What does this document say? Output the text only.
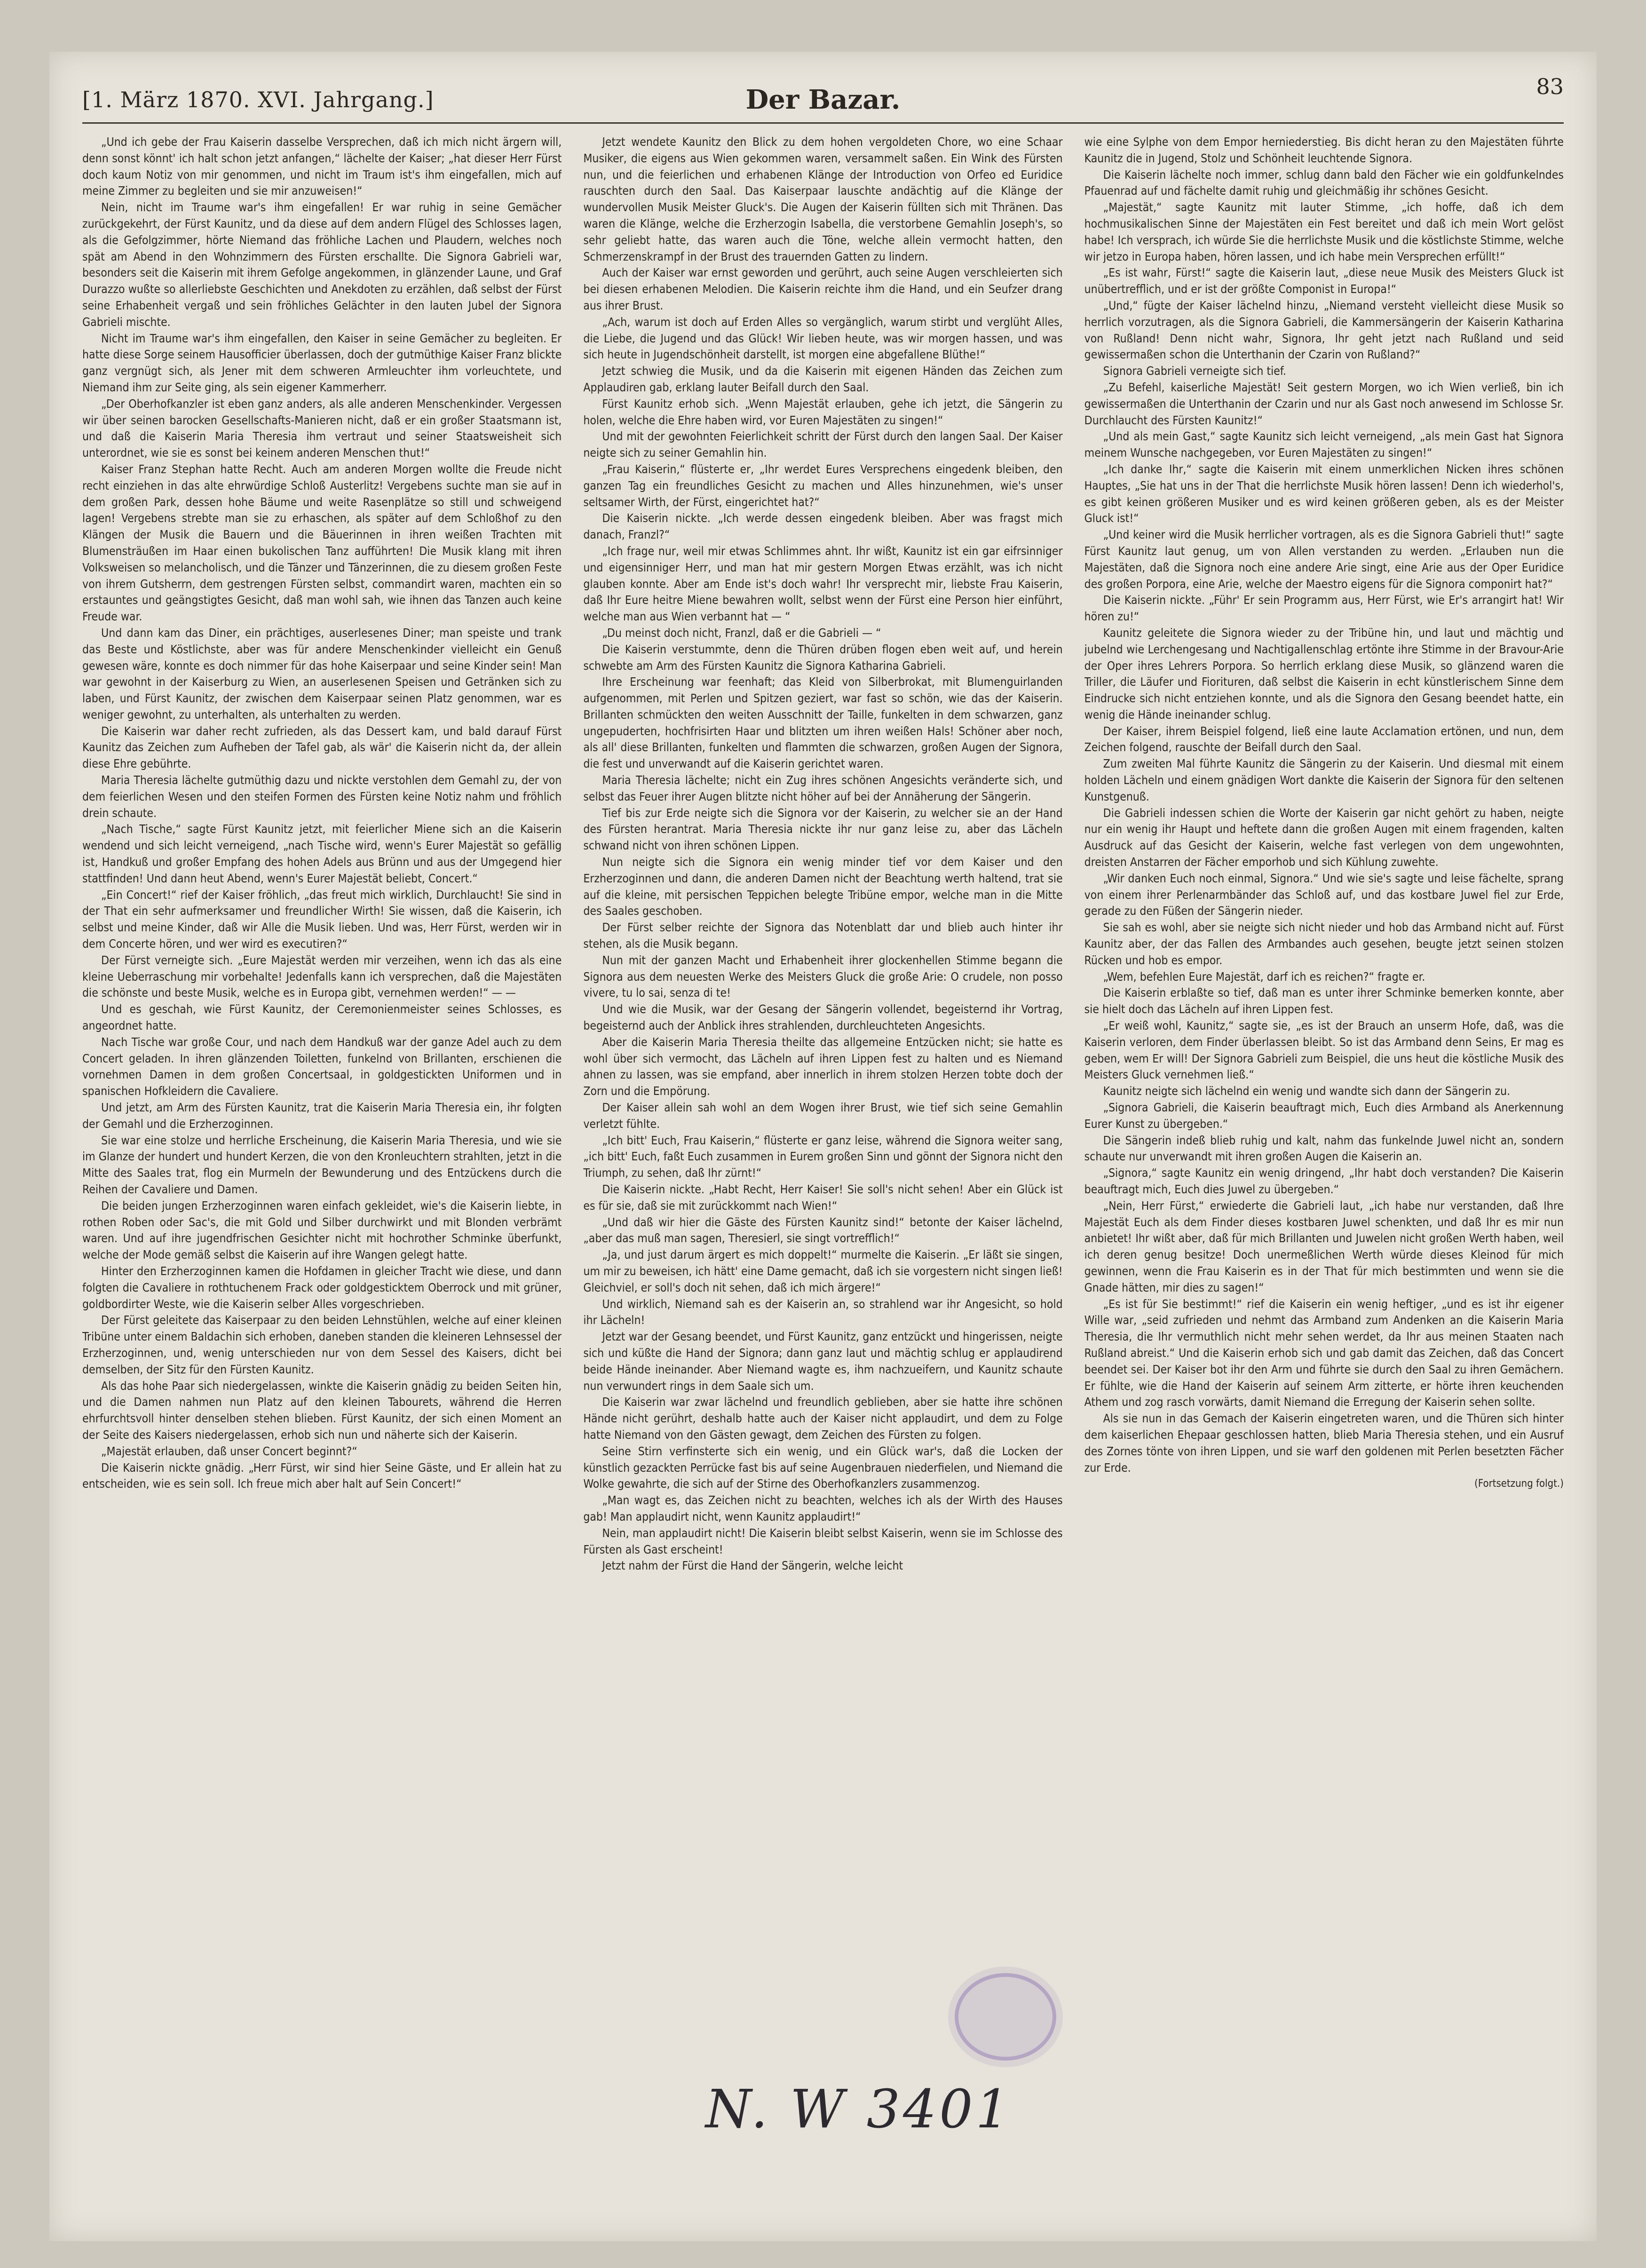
[1. März 1870. XVI. Jahrgang.]	Der Bazar.	83

„Und ich gebe der Frau Kaiserin dasselbe Versprechen, daß ich mich nicht ärgern will, denn sonst könnt' ich halt schon jetzt anfangen,“ lächelte der Kaiser; „hat dieser Herr Fürst doch kaum Notiz von mir genommen, und nicht im Traum ist's ihm eingefallen, mich auf meine Zimmer zu begleiten und sie mir anzuweisen!“

Nein, nicht im Traume war's ihm eingefallen! Er war ruhig in seine Gemächer zurückgekehrt, der Fürst Kaunitz, und da diese auf dem andern Flügel des Schlosses lagen, als die Gefolgzimmer, hörte Niemand das fröhliche Lachen und Plaudern, welches noch spät am Abend in den Wohnzimmern des Fürsten erschallte. Die Signora Gabrieli war, besonders seit die Kaiserin mit ihrem Gefolge angekommen, in glänzender Laune, und Graf Durazzo wußte so allerliebste Geschichten und Anekdoten zu erzählen, daß selbst der Fürst seine Erhabenheit vergaß und sein fröhliches Gelächter in den lauten Jubel der Signora Gabrieli mischte.

Nicht im Traume war's ihm eingefallen, den Kaiser in seine Gemächer zu begleiten. Er hatte diese Sorge seinem Hausofficier überlassen, doch der gutmüthige Kaiser Franz blickte ganz vergnügt sich, als Jener mit dem schweren Armleuchter ihm vorleuchtete, und Niemand ihm zur Seite ging, als sein eigener Kammerherr.

„Der Oberhofkanzler ist eben ganz anders, als alle anderen Menschenkinder. Vergessen wir über seinen barocken Gesellschafts-Manieren nicht, daß er ein großer Staatsmann ist, und daß die Kaiserin Maria Theresia ihm vertraut und seiner Staatsweisheit sich unterordnet, wie sie es sonst bei keinem anderen Menschen thut!“

Kaiser Franz Stephan hatte Recht. Auch am anderen Morgen wollte die Freude nicht recht einziehen in das alte ehrwürdige Schloß Austerlitz! Vergebens suchte man sie auf in dem großen Park, dessen hohe Bäume und weite Rasenplätze so still und schweigend lagen! Vergebens strebte man sie zu erhaschen, als später auf dem Schloßhof zu den Klängen der Musik die Bauern und die Bäuerinnen in ihren weißen Trachten mit Blumensträußen im Haar einen bukolischen Tanz aufführten! Die Musik klang mit ihren Volksweisen so melancholisch, und die Tänzer und Tänzerinnen, die zu diesem großen Feste von ihrem Gutsherrn, dem gestrengen Fürsten selbst, commandirt waren, machten ein so erstauntes und geängstigtes Gesicht, daß man wohl sah, wie ihnen das Tanzen auch keine Freude war.

Und dann kam das Diner, ein prächtiges, auserlesenes Diner; man speiste und trank das Beste und Köstlichste, aber was für andere Menschenkinder vielleicht ein Genuß gewesen wäre, konnte es doch nimmer für das hohe Kaiserpaar und seine Kinder sein! Man war gewohnt in der Kaiserburg zu Wien, an auserlesenen Speisen und Getränken sich zu laben, und Fürst Kaunitz, der zwischen dem Kaiserpaar seinen Platz genommen, war es weniger gewohnt, zu unterhalten, als unterhalten zu werden.

Die Kaiserin war daher recht zufrieden, als das Dessert kam, und bald darauf Fürst Kaunitz das Zeichen zum Aufheben der Tafel gab, als wär' die Kaiserin nicht da, der allein diese Ehre gebührte.

Maria Theresia lächelte gutmüthig dazu und nickte verstohlen dem Gemahl zu, der von dem feierlichen Wesen und den steifen Formen des Fürsten keine Notiz nahm und fröhlich drein schaute.

„Nach Tische,“ sagte Fürst Kaunitz jetzt, mit feierlicher Miene sich an die Kaiserin wendend und sich leicht verneigend, „nach Tische wird, wenn's Eurer Majestät so gefällig ist, Handkuß und großer Empfang des hohen Adels aus Brünn und aus der Umgegend hier stattfinden! Und dann heut Abend, wenn's Eurer Majestät beliebt, Concert.“

„Ein Concert!“ rief der Kaiser fröhlich, „das freut mich wirklich, Durchlaucht! Sie sind in der That ein sehr aufmerksamer und freundlicher Wirth! Sie wissen, daß die Kaiserin, ich selbst und meine Kinder, daß wir Alle die Musik lieben. Und was, Herr Fürst, werden wir in dem Concerte hören, und wer wird es executiren?“

Der Fürst verneigte sich. „Eure Majestät werden mir verzeihen, wenn ich das als eine kleine Ueberraschung mir vorbehalte! Jedenfalls kann ich versprechen, daß die Majestäten die schönste und beste Musik, welche es in Europa gibt, vernehmen werden!“ — —

Und es geschah, wie Fürst Kaunitz, der Ceremonienmeister seines Schlosses, es angeordnet hatte.

Nach Tische war große Cour, und nach dem Handkuß war der ganze Adel auch zu dem Concert geladen. In ihren glänzenden Toiletten, funkelnd von Brillanten, erschienen die vornehmen Damen in dem großen Concertsaal, in goldgestickten Uniformen und in spanischen Hofkleidern die Cavaliere.

Und jetzt, am Arm des Fürsten Kaunitz, trat die Kaiserin Maria Theresia ein, ihr folgten der Gemahl und die Erzherzoginnen.

Sie war eine stolze und herrliche Erscheinung, die Kaiserin Maria Theresia, und wie sie im Glanze der hundert und hundert Kerzen, die von den Kronleuchtern strahlten, jetzt in die Mitte des Saales trat, flog ein Murmeln der Bewunderung und des Entzückens durch die Reihen der Cavaliere und Damen.

Die beiden jungen Erzherzoginnen waren einfach gekleidet, wie's die Kaiserin liebte, in rothen Roben oder Sac's, die mit Gold und Silber durchwirkt und mit Blonden verbrämt waren. Und auf ihre jugendfrischen Gesichter nicht mit hochrother Schminke überfunkt, welche der Mode gemäß selbst die Kaiserin auf ihre Wangen gelegt hatte.

Hinter den Erzherzoginnen kamen die Hofdamen in gleicher Tracht wie diese, und dann folgten die Cavaliere in rothtuchenem Frack oder goldgesticktem Oberrock und mit grüner, goldbordirter Weste, wie die Kaiserin selber Alles vorgeschrieben.

Der Fürst geleitete das Kaiserpaar zu den beiden Lehnstühlen, welche auf einer kleinen Tribüne unter einem Baldachin sich erhoben, daneben standen die kleineren Lehnsessel der Erzherzoginnen, und, wenig unterschieden nur von dem Sessel des Kaisers, dicht bei demselben, der Sitz für den Fürsten Kaunitz.

Als das hohe Paar sich niedergelassen, winkte die Kaiserin gnädig zu beiden Seiten hin, und die Damen nahmen nun Platz auf den kleinen Tabourets, während die Herren ehrfurchtsvoll hinter denselben stehen blieben. Fürst Kaunitz, der sich einen Moment an der Seite des Kaisers niedergelassen, erhob sich nun und näherte sich der Kaiserin.

„Majestät erlauben, daß unser Concert beginnt?“

Die Kaiserin nickte gnädig. „Herr Fürst, wir sind hier Seine Gäste, und Er allein hat zu entscheiden, wie es sein soll. Ich freue mich aber halt auf Sein Concert!“

Jetzt wendete Kaunitz den Blick zu dem hohen vergoldeten Chore, wo eine Schaar Musiker, die eigens aus Wien gekommen waren, versammelt saßen. Ein Wink des Fürsten nun, und die feierlichen und erhabenen Klänge der Introduction von Orfeo ed Euridice rauschten durch den Saal. Das Kaiserpaar lauschte andächtig auf die Klänge der wundervollen Musik Meister Gluck's. Die Augen der Kaiserin füllten sich mit Thränen. Das waren die Klänge, welche die Erzherzogin Isabella, die verstorbene Gemahlin Joseph's, so sehr geliebt hatte, das waren auch die Töne, welche allein vermocht hatten, den Schmerzenskrampf in der Brust des trauernden Gatten zu lindern.

Auch der Kaiser war ernst geworden und gerührt, auch seine Augen verschleierten sich bei diesen erhabenen Melodien. Die Kaiserin reichte ihm die Hand, und ein Seufzer drang aus ihrer Brust.

„Ach, warum ist doch auf Erden Alles so vergänglich, warum stirbt und verglüht Alles, die Liebe, die Jugend und das Glück! Wir lieben heute, was wir morgen hassen, und was sich heute in Jugendschönheit darstellt, ist morgen eine abgefallene Blüthe!“

Jetzt schwieg die Musik, und da die Kaiserin mit eigenen Händen das Zeichen zum Applaudiren gab, erklang lauter Beifall durch den Saal.

Fürst Kaunitz erhob sich. „Wenn Majestät erlauben, gehe ich jetzt, die Sängerin zu holen, welche die Ehre haben wird, vor Euren Majestäten zu singen!“

Und mit der gewohnten Feierlichkeit schritt der Fürst durch den langen Saal. Der Kaiser neigte sich zu seiner Gemahlin hin.

„Frau Kaiserin,“ flüsterte er, „Ihr werdet Eures Versprechens eingedenk bleiben, den ganzen Tag ein freundliches Gesicht zu machen und Alles hinzunehmen, wie's unser seltsamer Wirth, der Fürst, eingerichtet hat?“

Die Kaiserin nickte. „Ich werde dessen eingedenk bleiben. Aber was fragst mich danach, Franzl?“

„Ich frage nur, weil mir etwas Schlimmes ahnt. Ihr wißt, Kaunitz ist ein gar eifrsinniger und eigensinniger Herr, und man hat mir gestern Morgen Etwas erzählt, was ich nicht glauben konnte. Aber am Ende ist's doch wahr! Ihr versprecht mir, liebste Frau Kaiserin, daß Ihr Eure heitre Miene bewahren wollt, selbst wenn der Fürst eine Person hier einführt, welche man aus Wien verbannt hat — “

„Du meinst doch nicht, Franzl, daß er die Gabrieli — “

Die Kaiserin verstummte, denn die Thüren drüben flogen eben weit auf, und herein schwebte am Arm des Fürsten Kaunitz die Signora Katharina Gabrieli.

Ihre Erscheinung war feenhaft; das Kleid von Silberbrokat, mit Blumenguirlanden aufgenommen, mit Perlen und Spitzen geziert, war fast so schön, wie das der Kaiserin. Brillanten schmückten den weiten Ausschnitt der Taille, funkelten in dem schwarzen, ganz ungepuderten, hochfrisirten Haar und blitzten um ihren weißen Hals! Schöner aber noch, als all' diese Brillanten, funkelten und flammten die schwarzen, großen Augen der Signora, die fest und unverwandt auf die Kaiserin gerichtet waren.

Maria Theresia lächelte; nicht ein Zug ihres schönen Angesichts veränderte sich, und selbst das Feuer ihrer Augen blitzte nicht höher auf bei der Annäherung der Sängerin.

Tief bis zur Erde neigte sich die Signora vor der Kaiserin, zu welcher sie an der Hand des Fürsten herantrat. Maria Theresia nickte ihr nur ganz leise zu, aber das Lächeln schwand nicht von ihren schönen Lippen.

Nun neigte sich die Signora ein wenig minder tief vor dem Kaiser und den Erzherzoginnen und dann, die anderen Damen nicht der Beachtung werth haltend, trat sie auf die kleine, mit persischen Teppichen belegte Tribüne empor, welche man in die Mitte des Saales geschoben.

Der Fürst selber reichte der Signora das Notenblatt dar und blieb auch hinter ihr stehen, als die Musik begann.

Nun mit der ganzen Macht und Erhabenheit ihrer glockenhellen Stimme begann die Signora aus dem neuesten Werke des Meisters Gluck die große Arie: O crudele, non posso vivere, tu lo sai, senza di te!

Und wie die Musik, war der Gesang der Sängerin vollendet, begeisternd ihr Vortrag, begeisternd auch der Anblick ihres strahlenden, durchleuchteten Angesichts.

Aber die Kaiserin Maria Theresia theilte das allgemeine Entzücken nicht; sie hatte es wohl über sich vermocht, das Lächeln auf ihren Lippen fest zu halten und es Niemand ahnen zu lassen, was sie empfand, aber innerlich in ihrem stolzen Herzen tobte doch der Zorn und die Empörung.

Der Kaiser allein sah wohl an dem Wogen ihrer Brust, wie tief sich seine Gemahlin verletzt fühlte.

„Ich bitt' Euch, Frau Kaiserin,“ flüsterte er ganz leise, während die Signora weiter sang, „ich bitt' Euch, faßt Euch zusammen in Eurem großen Sinn und gönnt der Signora nicht den Triumph, zu sehen, daß Ihr zürnt!“

Die Kaiserin nickte. „Habt Recht, Herr Kaiser! Sie soll's nicht sehen! Aber ein Glück ist es für sie, daß sie mit zurückkommt nach Wien!“

„Und daß wir hier die Gäste des Fürsten Kaunitz sind!“ betonte der Kaiser lächelnd, „aber das muß man sagen, Theresierl, sie singt vortrefflich!“

„Ja, und just darum ärgert es mich doppelt!“ murmelte die Kaiserin. „Er läßt sie singen, um mir zu beweisen, ich hätt' eine Dame gemacht, daß ich sie vorgestern nicht singen ließ! Gleichviel, er soll's doch nit sehen, daß ich mich ärgere!“

Und wirklich, Niemand sah es der Kaiserin an, so strahlend war ihr Angesicht, so hold ihr Lächeln!

Jetzt war der Gesang beendet, und Fürst Kaunitz, ganz entzückt und hingerissen, neigte sich und küßte die Hand der Signora; dann ganz laut und mächtig schlug er applaudirend beide Hände ineinander. Aber Niemand wagte es, ihm nachzueifern, und Kaunitz schaute nun verwundert rings in dem Saale sich um.

Die Kaiserin war zwar lächelnd und freundlich geblieben, aber sie hatte ihre schönen Hände nicht gerührt, deshalb hatte auch der Kaiser nicht applaudirt, und dem zu Folge hatte Niemand von den Gästen gewagt, dem Zeichen des Fürsten zu folgen.

Seine Stirn verfinsterte sich ein wenig, und ein Glück war's, daß die Locken der künstlich gezackten Perrücke fast bis auf seine Augenbrauen niederfielen, und Niemand die Wolke gewahrte, die sich auf der Stirne des Oberhofkanzlers zusammenzog.

„Man wagt es, das Zeichen nicht zu beachten, welches ich als der Wirth des Hauses gab! Man applaudirt nicht, wenn Kaunitz applaudirt!“

Nein, man applaudirt nicht! Die Kaiserin bleibt selbst Kaiserin, wenn sie im Schlosse des Fürsten als Gast erscheint!

Jetzt nahm der Fürst die Hand der Sängerin, welche leicht

wie eine Sylphe von dem Empor herniederstieg. Bis dicht heran zu den Majestäten führte Kaunitz die in Jugend, Stolz und Schönheit leuchtende Signora.

Die Kaiserin lächelte noch immer, schlug dann bald den Fächer wie ein goldfunkelndes Pfauenrad auf und fächelte damit ruhig und gleichmäßig ihr schönes Gesicht.

„Majestät,“ sagte Kaunitz mit lauter Stimme, „ich hoffe, daß ich dem hochmusikalischen Sinne der Majestäten ein Fest bereitet und daß ich mein Wort gelöst habe! Ich versprach, ich würde Sie die herrlichste Musik und die köstlichste Stimme, welche wir jetzo in Europa haben, hören lassen, und ich habe mein Versprechen erfüllt!“

„Es ist wahr, Fürst!“ sagte die Kaiserin laut, „diese neue Musik des Meisters Gluck ist unübertrefflich, und er ist der größte Componist in Europa!“

„Und,“ fügte der Kaiser lächelnd hinzu, „Niemand versteht vielleicht diese Musik so herrlich vorzutragen, als die Signora Gabrieli, die Kammersängerin der Kaiserin Katharina von Rußland! Denn nicht wahr, Signora, Ihr geht jetzt nach Rußland und seid gewissermaßen schon die Unterthanin der Czarin von Rußland?“

Signora Gabrieli verneigte sich tief.

„Zu Befehl, kaiserliche Majestät! Seit gestern Morgen, wo ich Wien verließ, bin ich gewissermaßen die Unterthanin der Czarin und nur als Gast noch anwesend im Schlosse Sr. Durchlaucht des Fürsten Kaunitz!“

„Und als mein Gast,“ sagte Kaunitz sich leicht verneigend, „als mein Gast hat Signora meinem Wunsche nachgegeben, vor Euren Majestäten zu singen!“

„Ich danke Ihr,“ sagte die Kaiserin mit einem unmerklichen Nicken ihres schönen Hauptes, „Sie hat uns in der That die herrlichste Musik hören lassen! Denn ich wiederhol's, es gibt keinen größeren Musiker und es wird keinen größeren geben, als es der Meister Gluck ist!“

„Und keiner wird die Musik herrlicher vortragen, als es die Signora Gabrieli thut!“ sagte Fürst Kaunitz laut genug, um von Allen verstanden zu werden. „Erlauben nun die Majestäten, daß die Signora noch eine andere Arie singt, eine Arie aus der Oper Euridice des großen Porpora, eine Arie, welche der Maestro eigens für die Signora componirt hat?“

Die Kaiserin nickte. „Führ' Er sein Programm aus, Herr Fürst, wie Er's arrangirt hat! Wir hören zu!“

Kaunitz geleitete die Signora wieder zu der Tribüne hin, und laut und mächtig und jubelnd wie Lerchengesang und Nachtigallenschlag ertönte ihre Stimme in der Bravour-Arie der Oper ihres Lehrers Porpora. So herrlich erklang diese Musik, so glänzend waren die Triller, die Läufer und Fiorituren, daß selbst die Kaiserin in echt künstlerischem Sinne dem Eindrucke sich nicht entziehen konnte, und als die Signora den Gesang beendet hatte, ein wenig die Hände ineinander schlug.

Der Kaiser, ihrem Beispiel folgend, ließ eine laute Acclamation ertönen, und nun, dem Zeichen folgend, rauschte der Beifall durch den Saal.

Zum zweiten Mal führte Kaunitz die Sängerin zu der Kaiserin. Und diesmal mit einem holden Lächeln und einem gnädigen Wort dankte die Kaiserin der Signora für den seltenen Kunstgenuß.

Die Gabrieli indessen schien die Worte der Kaiserin gar nicht gehört zu haben, neigte nur ein wenig ihr Haupt und heftete dann die großen Augen mit einem fragenden, kalten Ausdruck auf das Gesicht der Kaiserin, welche fast verlegen von dem ungewohnten, dreisten Anstarren der Fächer emporhob und sich Kühlung zuwehte.

„Wir danken Euch noch einmal, Signora.“ Und wie sie's sagte und leise fächelte, sprang von einem ihrer Perlenarmbänder das Schloß auf, und das kostbare Juwel fiel zur Erde, gerade zu den Füßen der Sängerin nieder.

Sie sah es wohl, aber sie neigte sich nicht nieder und hob das Armband nicht auf. Fürst Kaunitz aber, der das Fallen des Armbandes auch gesehen, beugte jetzt seinen stolzen Rücken und hob es empor.

„Wem, befehlen Eure Majestät, darf ich es reichen?“ fragte er.

Die Kaiserin erblaßte so tief, daß man es unter ihrer Schminke bemerken konnte, aber sie hielt doch das Lächeln auf ihren Lippen fest.

„Er weiß wohl, Kaunitz,“ sagte sie, „es ist der Brauch an unserm Hofe, daß, was die Kaiserin verloren, dem Finder überlassen bleibt. So ist das Armband denn Seins, Er mag es geben, wem Er will! Der Signora Gabrieli zum Beispiel, die uns heut die köstliche Musik des Meisters Gluck vernehmen ließ.“

Kaunitz neigte sich lächelnd ein wenig und wandte sich dann der Sängerin zu.

„Signora Gabrieli, die Kaiserin beauftragt mich, Euch dies Armband als Anerkennung Eurer Kunst zu übergeben.“

Die Sängerin indeß blieb ruhig und kalt, nahm das funkelnde Juwel nicht an, sondern schaute nur unverwandt mit ihren großen Augen die Kaiserin an.

„Signora,“ sagte Kaunitz ein wenig dringend, „Ihr habt doch verstanden? Die Kaiserin beauftragt mich, Euch dies Juwel zu übergeben.“

„Nein, Herr Fürst,“ erwiederte die Gabrieli laut, „ich habe nur verstanden, daß Ihre Majestät Euch als dem Finder dieses kostbaren Juwel schenkten, und daß Ihr es mir nun anbietet! Ihr wißt aber, daß für mich Brillanten und Juwelen nicht großen Werth haben, weil ich deren genug besitze! Doch unermeßlichen Werth würde dieses Kleinod für mich gewinnen, wenn die Frau Kaiserin es in der That für mich bestimmten und wenn sie die Gnade hätten, mir dies zu sagen!“

„Es ist für Sie bestimmt!“ rief die Kaiserin ein wenig heftiger, „und es ist ihr eigener Wille war, „seid zufrieden und nehmt das Armband zum Andenken an die Kaiserin Maria Theresia, die Ihr vermuthlich nicht mehr sehen werdet, da Ihr aus meinen Staaten nach Rußland abreist.“ Und die Kaiserin erhob sich und gab damit das Zeichen, daß das Concert beendet sei. Der Kaiser bot ihr den Arm und führte sie durch den Saal zu ihren Gemächern. Er fühlte, wie die Hand der Kaiserin auf seinem Arm zitterte, er hörte ihren keuchenden Athem und zog rasch vorwärts, damit Niemand die Erregung der Kaiserin sehen sollte.

Als sie nun in das Gemach der Kaiserin eingetreten waren, und die Thüren sich hinter dem kaiserlichen Ehepaar geschlossen hatten, blieb Maria Theresia stehen, und ein Ausruf des Zornes tönte von ihren Lippen, und sie warf den goldenen mit Perlen besetzten Fächer zur Erde.

(Fortsetzung folgt.)

N. W 3401
